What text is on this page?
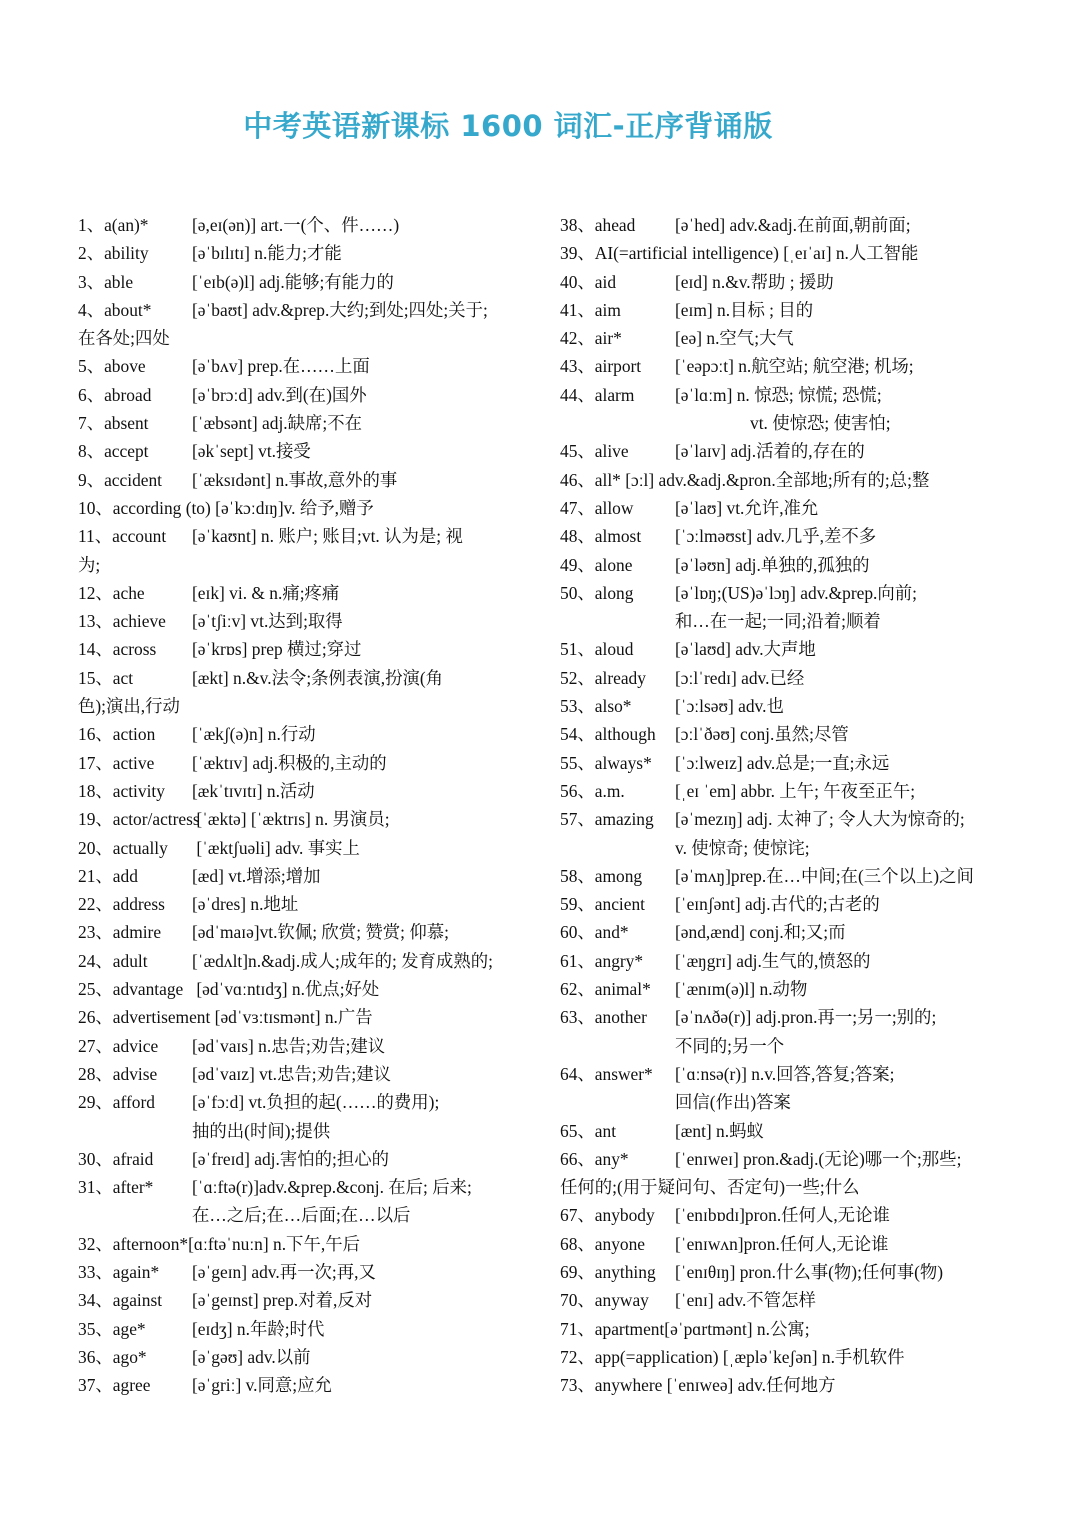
中考英语新课标 1600 词汇-正序背诵版
1、a(an)*	[ə,eɪ(ən)] art.一(个、件……)
2、ability [əˈbɪlɪtɪ] n.能力;才能
3、able	[ˈeɪb(ə)l] adj.能够;有能力的
4、about* [əˈbaʊt] adv.&prep.大约;到处;四处;关于;
在各处;四处
5、above	[əˈbʌv] prep.在……上面
6、abroad [əˈbrɔːd] adv.到(在)国外
7、absent [ˈæbsənt] adj.缺席;不在
8、accept	[əkˈsept] vt.接受
9、accident [ˈæksɪdənt] n.事故,意外的事
10、according (to) [əˈkɔːdɪŋ]v. 给予,赠予
11、account [əˈkaʊnt] n. 账户; 账目;vt. 认为是; 视
为;
12、ache	[eɪk] vi. & n.痛;疼痛
13、achieve [əˈtʃiːv] vt.达到;取得
14、across [əˈkrɒs] prep 横过;穿过
15、act	[ækt] n.&v.法令;条例表演,扮演(角
色);演出,行动
16、action [ˈækʃ(ə)n] n.行动
17、active [ˈæktɪv] adj.积极的,主动的
18、activity [ækˈtɪvɪtɪ] n.活动
19、actor/actress [ˈæktə] [ˈæktrɪs] n. 男演员;
20、actually [ˈæktʃuəli] adv. 事实上
21、add	[æd] vt.增添;增加
22、address [əˈdres] n.地址
23、admire [ədˈmaɪə]vt.钦佩; 欣赏; 赞赏; 仰慕;
24、adult	[ˈædʌlt]n.&adj.成人;成年的; 发育成熟的;
25、advantage [ədˈvɑːntɪdʒ] n.优点;好处
26、advertisement [ədˈvɜːtɪsmənt] n.广告
27、advice [ədˈvaɪs] n.忠告;劝告;建议
28、advise [ədˈvaɪz] vt.忠告;劝告;建议
29、afford [əˈfɔːd] vt.负担的起(……的费用);
抽的出(时间);提供
30、afraid [əˈfreɪd] adj.害怕的;担心的
31、after* [ˈɑːftə(r)]adv.&prep.&conj. 在后; 后来;
在…之后;在…后面;在…以后
32、afternoon*[ɑːftəˈnuːn] n.下午,午后
33、again* [əˈgeɪn] adv.再一次;再,又
34、against [əˈgeɪnst] prep.对着,反对
35、age*	[eɪdʒ] n.年龄;时代
36、ago*	[əˈgəʊ] adv.以前
37、agree [əˈgriː] v.同意;应允
38、ahead [əˈhed] adv.&adj.在前面,朝前面;
39、AI(=artificial intelligence) [ˌeɪˈaɪ] n.人工智能
40、aid	[eɪd] n.&v.帮助 ; 援助
41、aim	[eɪm] n.目标 ; 目的
42、air*	[eə] n.空气;大气
43、airport [ˈeəpɔːt] n.航空站; 航空港; 机场;
44、alarm [əˈlɑːm] n. 惊恐; 惊慌; 恐慌;
vt. 使惊恐; 使害怕;
45、alive	[əˈlaɪv] adj.活着的,存在的
46、all* [ɔːl] adv.&adj.&pron.全部地;所有的;总;整
47、allow [əˈlaʊ] vt.允许,准允
48、almost [ˈɔːlməʊst] adv.几乎,差不多
49、alone [əˈləʊn] adj.单独的,孤独的
50、along [əˈlɒŋ;(US)əˈlɔŋ] adv.&prep.向前;
和…在一起;一同;沿着;顺着
51、aloud [əˈlaʊd] adv.大声地
52、already [ɔːlˈredɪ] adv.已经
53、also*	[ˈɔːlsəʊ] adv.也
54、although [ɔːlˈðəʊ] conj.虽然;尽管
55、always* [ˈɔːlweɪz] adv.总是;一直;永远
56、a.m.	[ˌeɪ ˈem] abbr. 上午; 午夜至正午;
57、amazing [əˈmezɪŋ] adj. 太神了; 令人大为惊奇的;
v. 使惊奇; 使惊诧;
58、among [əˈmʌŋ]prep.在…中间;在(三个以上)之间
59、ancient [ˈeɪnʃənt] adj.古代的;古老的
60、and*	[ənd,ænd] conj.和;又;而
61、angry* [ˈæŋgrɪ] adj.生气的,愤怒的
62、animal* [ˈænɪm(ə)l] n.动物
63、another [əˈnʌðə(r)] adj.pron.再一;另一;别的;
不同的;另一个
64、answer* [ˈɑːnsə(r)] n.v.回答,答复;答案;
回信(作出)答案
65、ant	[ænt] n.蚂蚁
66、any*	[ˈenɪweɪ] pron.&adj.(无论)哪一个;那些;
任何的;(用于疑问句、否定句)一些;什么
67、anybody [ˈenɪbɒdɪ]pron.任何人,无论谁
68、anyone [ˈenɪwʌn]pron.任何人,无论谁
69、anything [ˈenɪθɪŋ] pron.什么事(物);任何事(物)
70、anyway [ˈenɪ] adv.不管怎样
71、apartment[əˈpɑrtmənt] n.公寓;
72、app(=application) [ˌæpləˈkeʃən] n.手机软件
73、anywhere [ˈenɪweə] adv.任何地方
